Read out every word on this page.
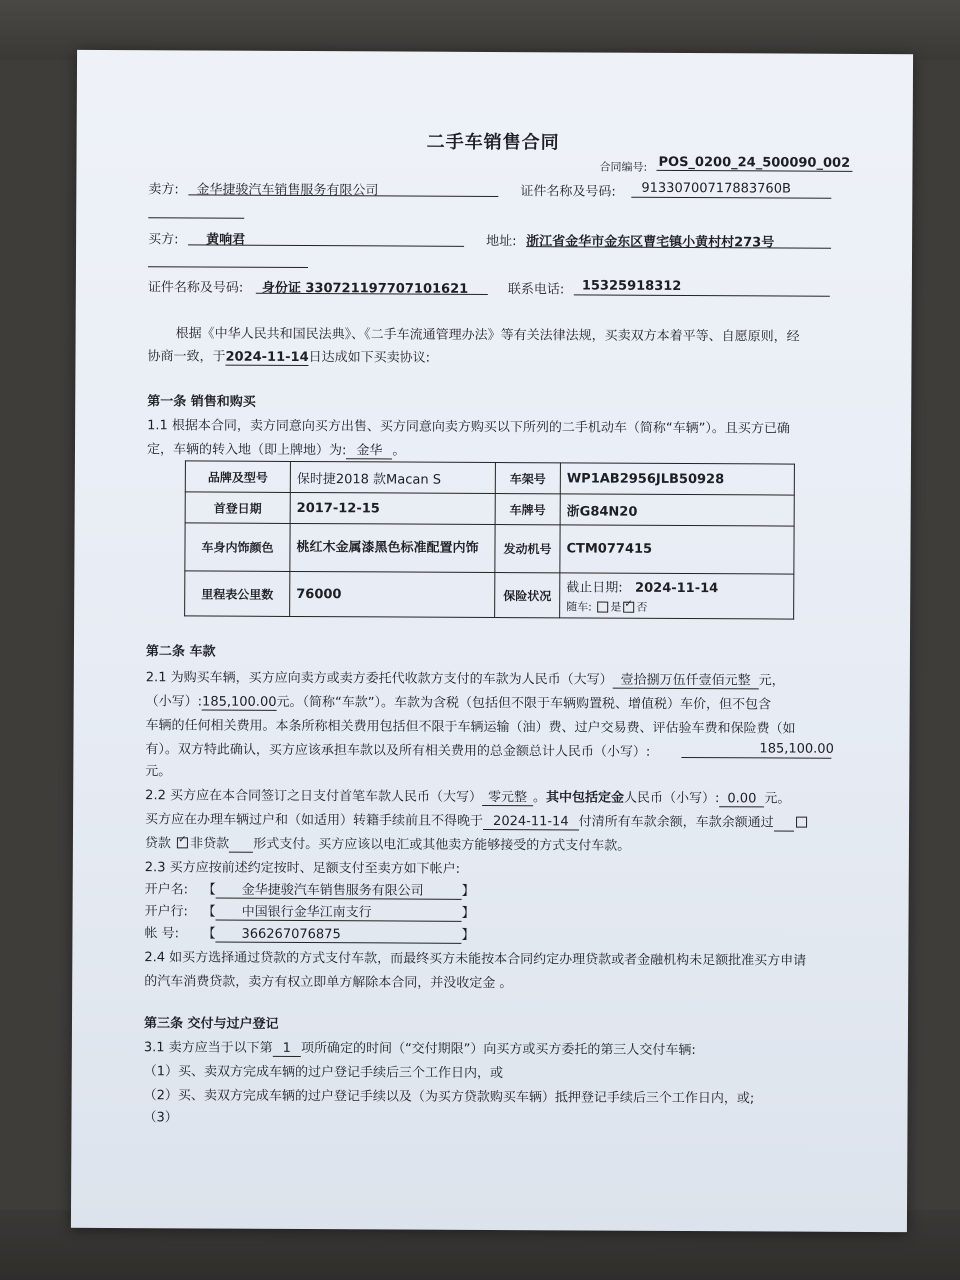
二手车销售合同
合同编号: POS_0200_24_500090_002
卖方: 金华捷骏汽车销售服务有限公司	证件名称及号码: 91330700717883760B
买方: 黄响君	地址: 浙江省金华市金东区曹宅镇小黄村村273号
证件名称及号码: 身份证 330721197707101621	联系电话: 15325918312
根据《中华人民共和国民法典》、《二手车流通管理办法》等有关法律法规，买卖双方本着平等、自愿原则，经
协商一致，于2024-11-14日达成如下买卖协议:
第一条 销售和购买
1.1 根据本合同，卖方同意向买方出售、买方同意向卖方购买以下所列的二手机动车（简称“车辆”）。且买方已确
定，车辆的转入地（即上牌地）为: 金华 。
品牌及型号	保时捷2018 款Macan S	车架号	WP1AB2956JLB50928
首登日期	2017-12-15	车牌号	浙G84N20
车身内饰颜色	桃红木金属漆黑色标准配置内饰	发动机号	CTM077415
里程表公里数	76000	保险状况	截止日期: 2024-11-14
随车: 是 ✓ 否
第二条 车款
2.1 为购买车辆，买方应向卖方或卖方委托代收款方支付的车款为人民币（大写） 壹拾捌万伍仟壹佰元整 元，
（小写）:185,100.00元。（简称“车款”）。车款为含税（包括但不限于车辆购置税、增值税）车价，但不包含
车辆的任何相关费用。本条所称相关费用包括但不限于车辆运输（油）费、过户交易费、评估验车费和保险费（如
有）。双方特此确认，买方应该承担车款以及所有相关费用的总金额总计人民币（小写）:	185,100.00
元。
2.2 买方应在本合同签订之日支付首笔车款人民币（大写） 零元整 。其中包括定金人民币（小写）: 0.00 元。
买方应在办理车辆过户和（如适用）转籍手续前且不得晚于 2024-11-14 付清所有车款余额，车款余额通过
贷款 ✓ 非贷款 形式支付。买方应该以电汇或其他卖方能够接受的方式支付车款。
2.3 买方应按前述约定按时、足额支付至卖方如下帐户:
开户名: 【 金华捷骏汽车销售服务有限公司	】
开户行: 【 中国银行金华江南支行	】
帐 号: 【 366267076875	】
2.4 如买方选择通过贷款的方式支付车款，而最终买方未能按本合同约定办理贷款或者金融机构未足额批准买方申请
的汽车消费贷款，卖方有权立即单方解除本合同，并没收定金 。
第三条 交付与过户登记
3.1 卖方应当于以下第 1 项所确定的时间（“交付期限”）向买方或买方委托的第三人交付车辆:
（1）买、卖双方完成车辆的过户登记手续后三个工作日内，或
（2）买、卖双方完成车辆的过户登记手续以及（为买方贷款购买车辆）抵押登记手续后三个工作日内，或;
（3）
